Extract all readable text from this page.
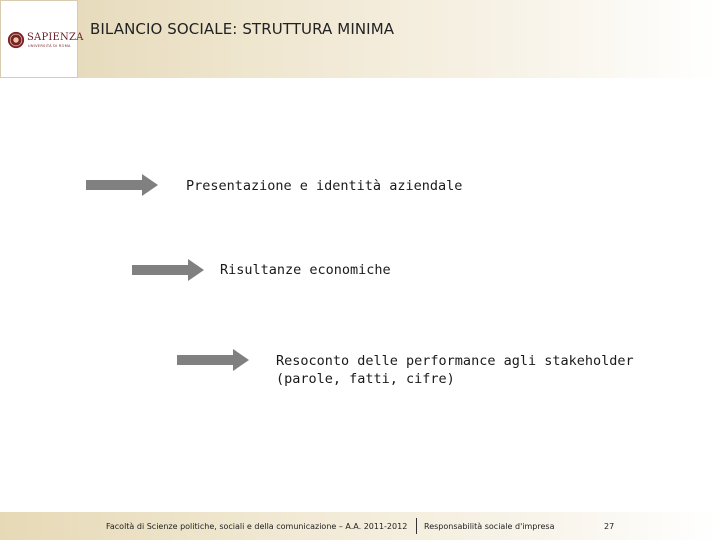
SAPIENZA
UNIVERSITÀ DI ROMA
BILANCIO SOCIALE: STRUTTURA MINIMA
Presentazione e identità aziendale
Risultanze economiche
Resoconto delle performance agli stakeholder
(parole, fatti, cifre)
Facoltà di Scienze politiche, sociali e della comunicazione – A.A. 2011-2012 Responsabilità sociale d'impresa	27
